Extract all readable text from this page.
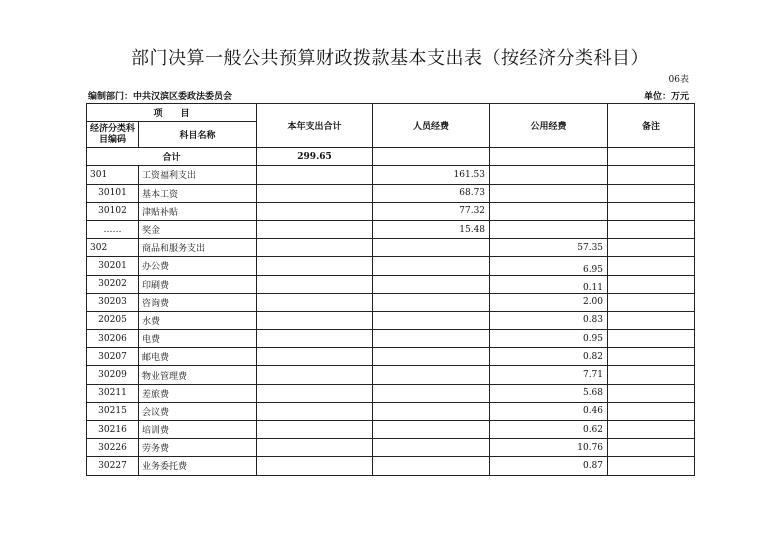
部门决算一般公共预算财政拨款基本支出表（按经济分类科目）
06表
编制部门：中共汉滨区委政法委员会	单位：万元
项　　目		本年支出合计	人员经费	公用经费	备注
经济分类科目编码	科目名称				
合计		299.65			
301	工资福利支出		161.53		
30101	基本工资		68.73		
30102	津贴补贴		77.32		
……	奖金		15.48		
302	商品和服务支出			57.35	
30201	办公费			6.95	
30202	印刷费			0.11	
30203	咨询费			2.00	
20205	水费			0.83	
30206	电费			0.95	
30207	邮电费			0.82	
30209	物业管理费			7.71	
30211	差旅费			5.68	
30215	会议费			0.46	
30216	培训费			0.62	
30226	劳务费			10.76	
30227	业务委托费			0.87	
